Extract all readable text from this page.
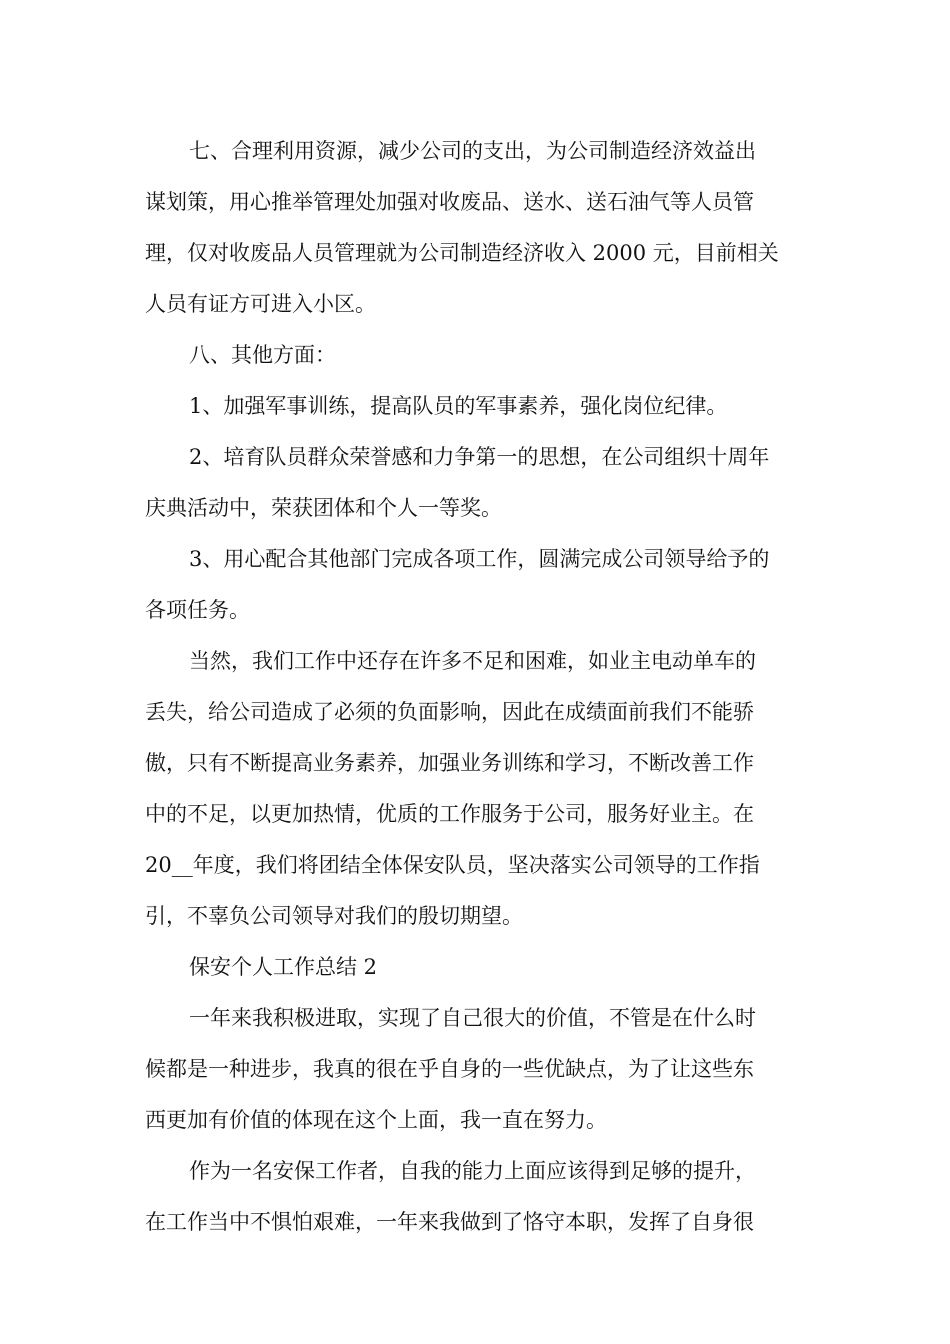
七、合理利用资源，减少公司的支出，为公司制造经济效益出
谋划策，用心推举管理处加强对收废品、送水、送石油气等人员管
理，仅对收废品人员管理就为公司制造经济收入 2000 元，目前相关
人员有证方可进入小区。
八、其他方面：
1、加强军事训练，提高队员的军事素养，强化岗位纪律。
2、培育队员群众荣誉感和力争第一的思想，在公司组织十周年
庆典活动中，荣获团体和个人一等奖。
3、用心配合其他部门完成各项工作，圆满完成公司领导给予的
各项任务。
当然，我们工作中还存在许多不足和困难，如业主电动单车的
丢失，给公司造成了必须的负面影响，因此在成绩面前我们不能骄
傲，只有不断提高业务素养，加强业务训练和学习，不断改善工作
中的不足，以更加热情，优质的工作服务于公司，服务好业主。在
20__年度，我们将团结全体保安队员，坚决落实公司领导的工作指
引，不辜负公司领导对我们的殷切期望。
保安个人工作总结 2
一年来我积极进取，实现了自己很大的价值，不管是在什么时
候都是一种进步，我真的很在乎自身的一些优缺点，为了让这些东
西更加有价值的体现在这个上面，我一直在努力。
作为一名安保工作者，自我的能力上面应该得到足够的提升，
在工作当中不惧怕艰难，一年来我做到了恪守本职，发挥了自身很
